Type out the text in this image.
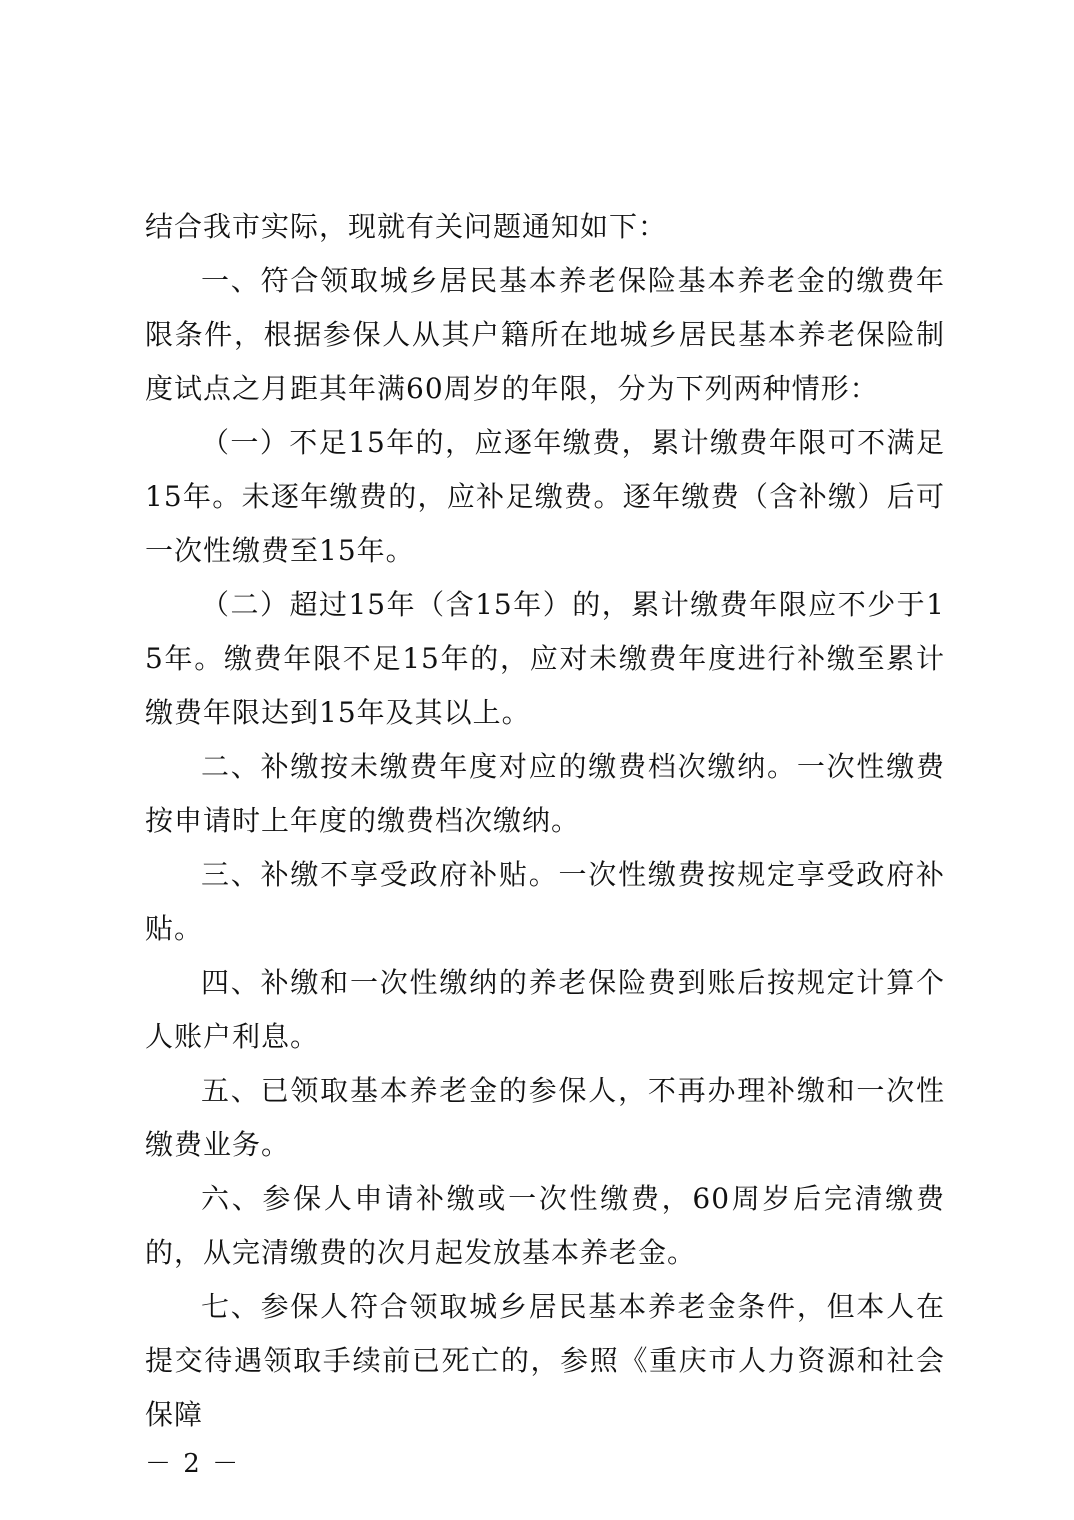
结合我市实际，现就有关问题通知如下：

一、符合领取城乡居民基本养老保险基本养老金的缴费年限条件，根据参保人从其户籍所在地城乡居民基本养老保险制度试点之月距其年满60周岁的年限，分为下列两种情形：

（一）不足15年的，应逐年缴费，累计缴费年限可不满足15年。未逐年缴费的，应补足缴费。逐年缴费（含补缴）后可一次性缴费至15年。

（二）超过15年（含15年）的，累计缴费年限应不少于15年。缴费年限不足15年的，应对未缴费年度进行补缴至累计缴费年限达到15年及其以上。

二、补缴按未缴费年度对应的缴费档次缴纳。一次性缴费按申请时上年度的缴费档次缴纳。

三、补缴不享受政府补贴。一次性缴费按规定享受政府补贴。

四、补缴和一次性缴纳的养老保险费到账后按规定计算个人账户利息。

五、已领取基本养老金的参保人，不再办理补缴和一次性缴费业务。

六、参保人申请补缴或一次性缴费，60周岁后完清缴费的，从完清缴费的次月起发放基本养老金。

七、参保人符合领取城乡居民基本养老金条件，但本人在提交待遇领取手续前已死亡的，参照《重庆市人力资源和社会保障

－ 2 －
